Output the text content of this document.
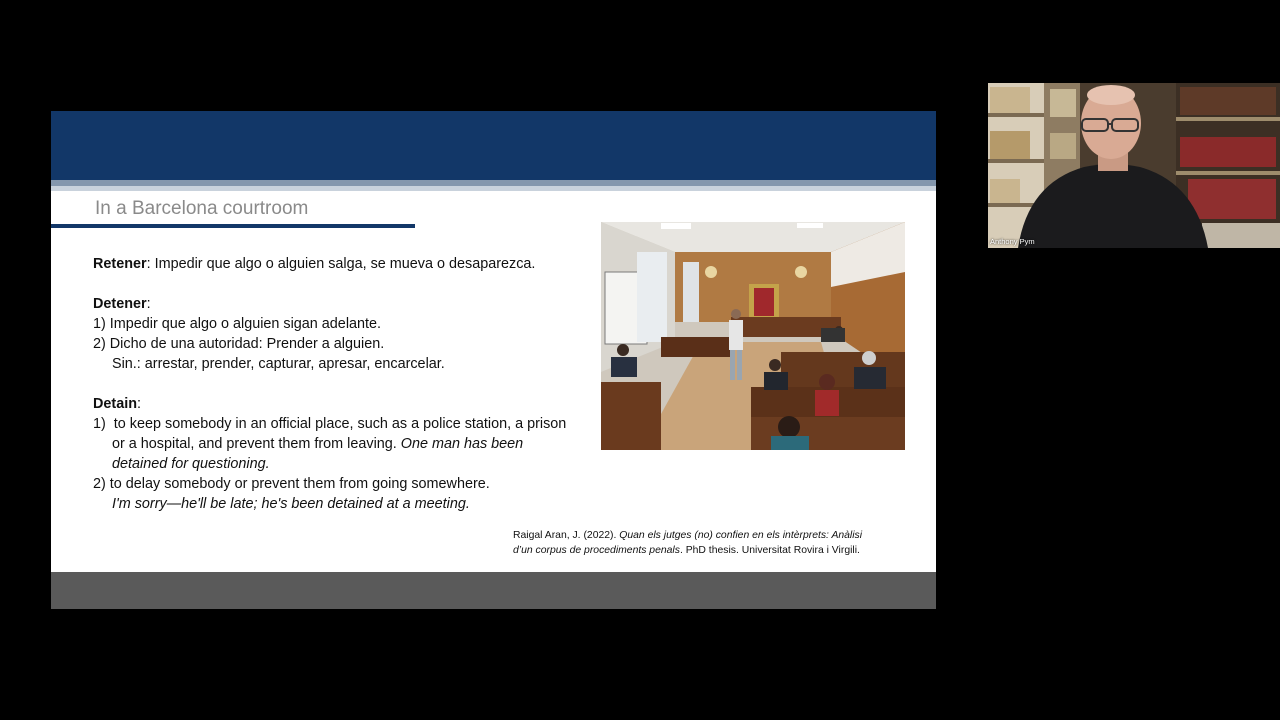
In a Barcelona courtroom

Retener: Impedir que algo o alguien salga, se mueva o desaparezca.

Detener:

1) Impedir que algo o alguien sigan adelante.

2) Dicho de una autoridad: Prender a alguien.

Sin.: arrestar, prender, capturar, apresar, encarcelar.

Detain:

1) to keep somebody in an official place, such as a police station, a prison

or a hospital, and prevent them from leaving. One man has been

detained for questioning.

2) to delay somebody or prevent them from going somewhere.

I'm sorry—he'll be late; he's been detained at a meeting.

Raigal Aran, J. (2022). Quan els jutges (no) confien en els intèrprets: Anàlisi

d’un corpus de procediments penals. PhD thesis. Universitat Rovira i Virgili.

Anthony Pym
